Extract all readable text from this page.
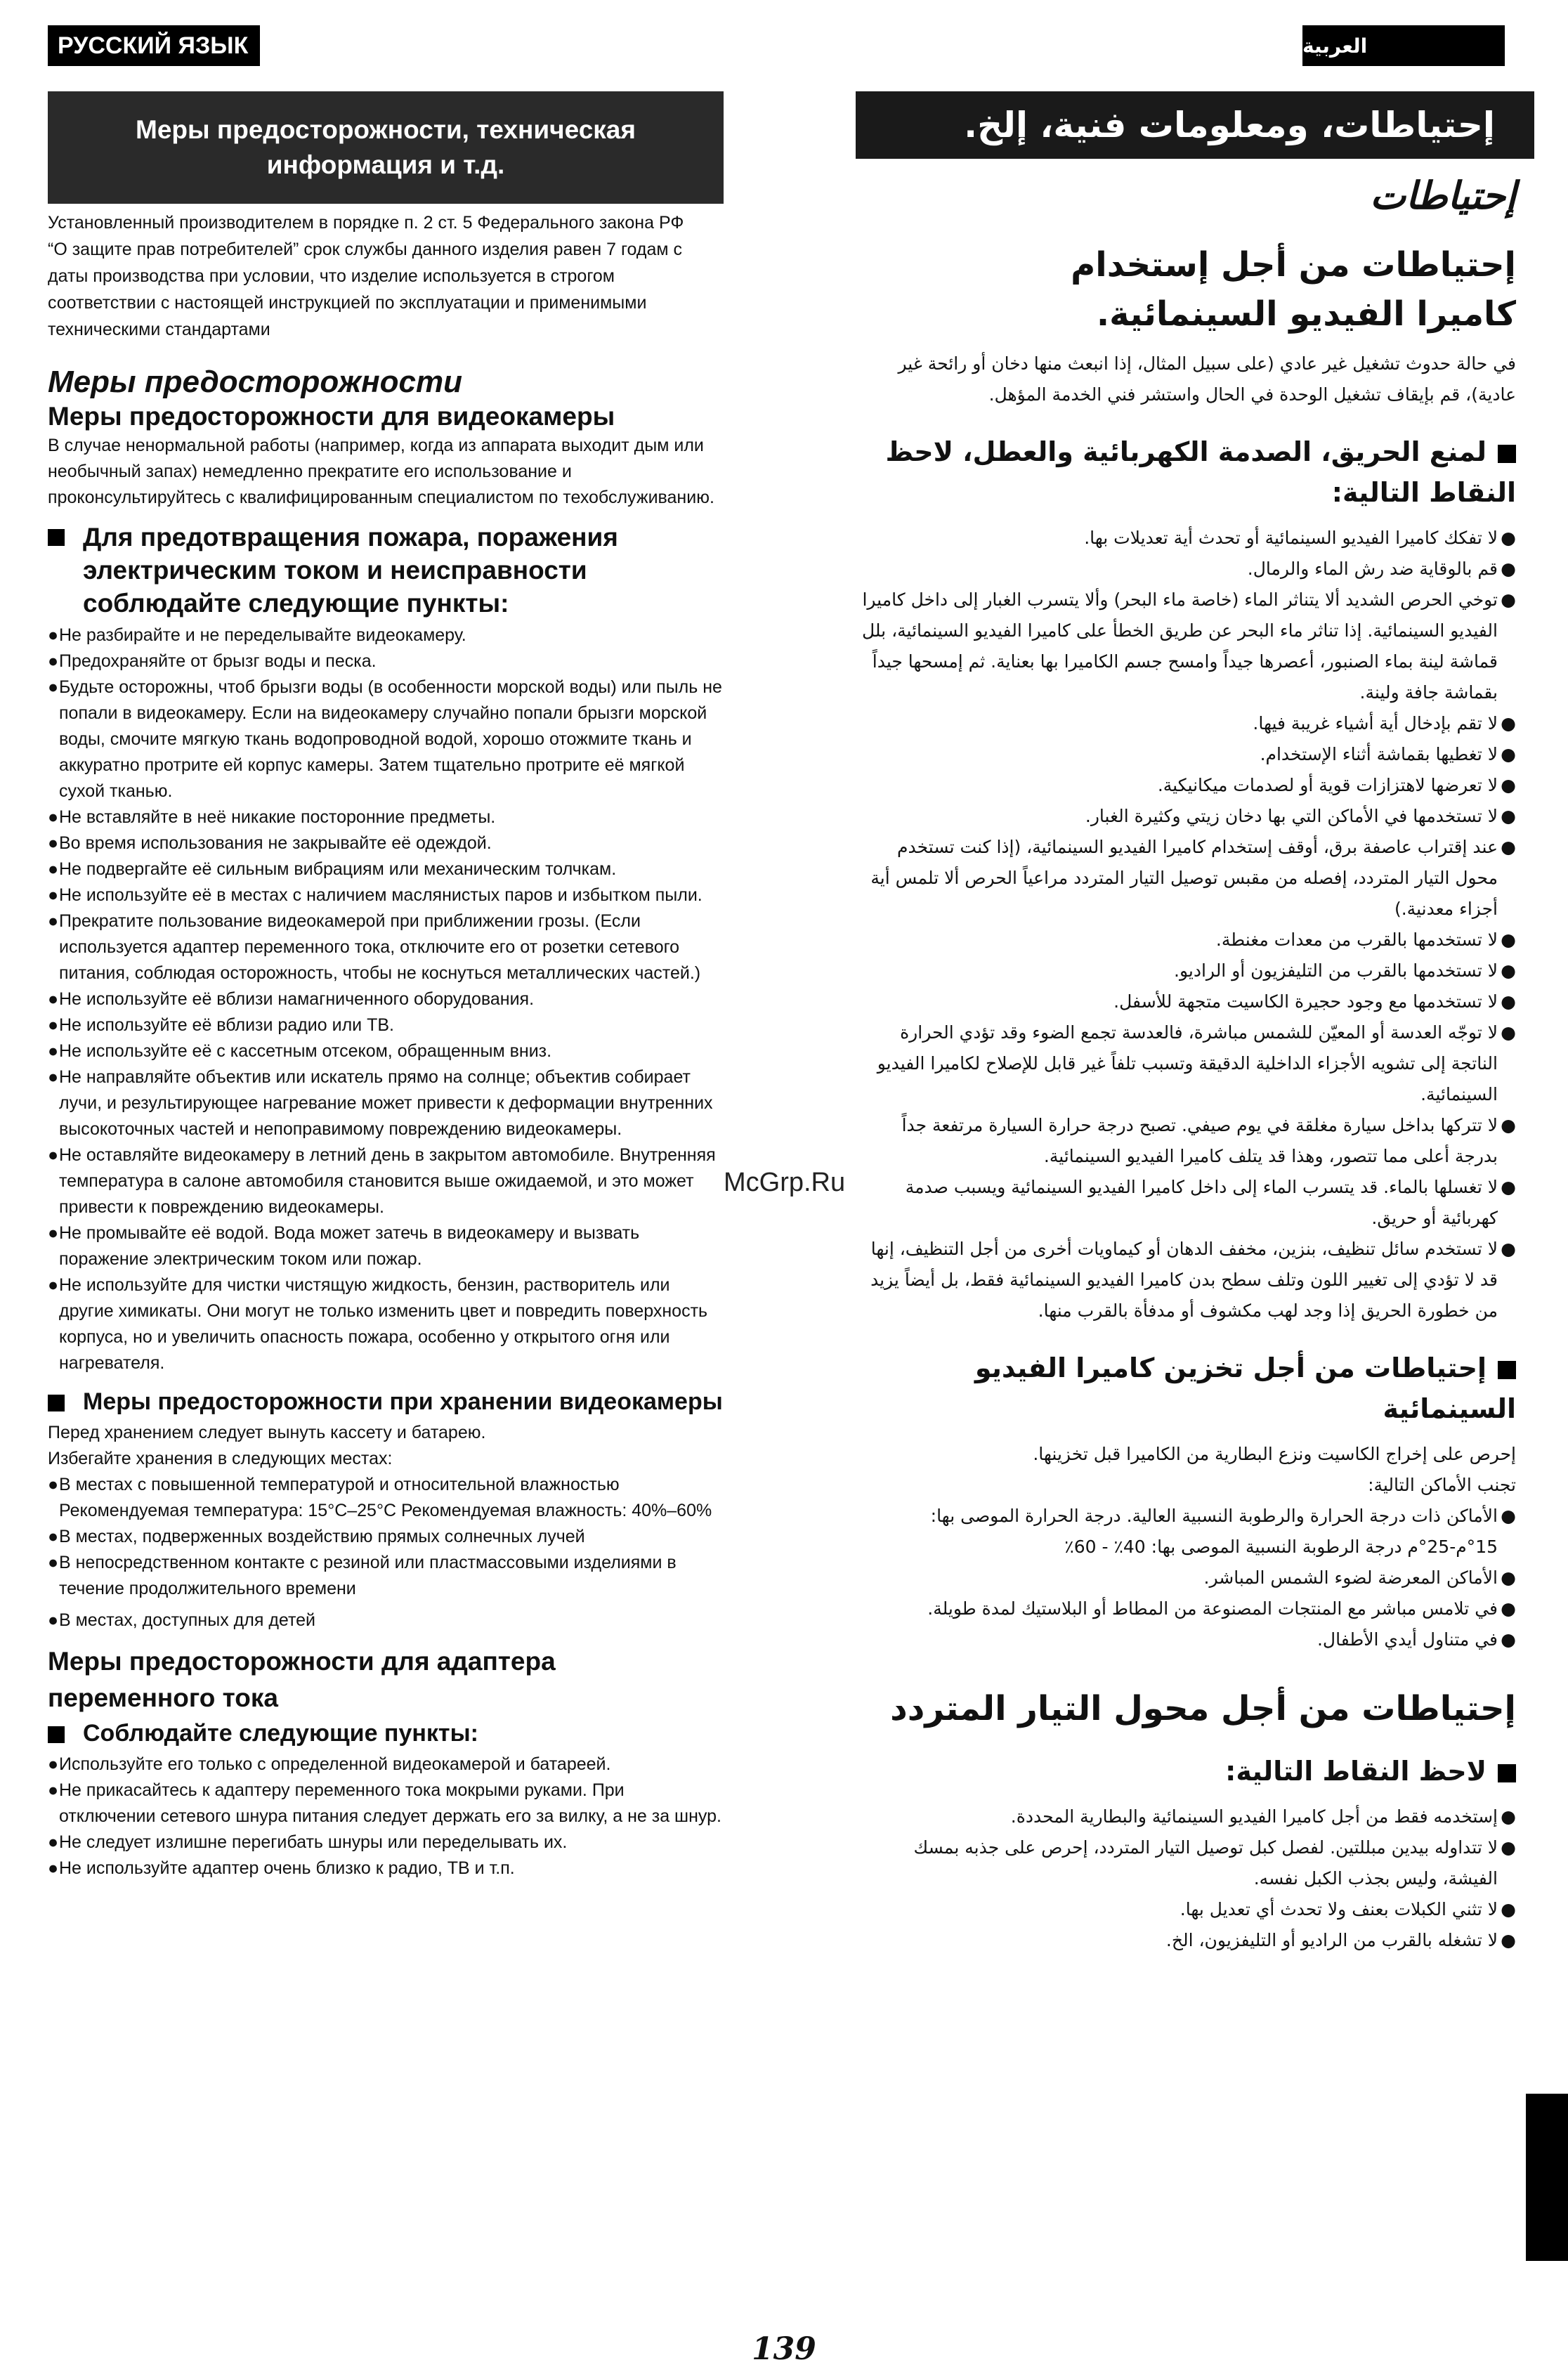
РУССКИЙ ЯЗЫК	العربية
Меры предосторожности, техническая информация и т.д.
إحتياطات، ومعلومات فنية، إلخ.

Установленный производителем в порядке п. 2 ст. 5 Федерального закона РФ “О защите прав потребителей” срок службы данного изделия равен 7 годам с даты производства при условии, что изделие используется в строгом соответствии с настоящей инструкцией по эксплуатации и применимыми техническими стандартами

Меры предосторожности
Меры предосторожности для видеокамеры

В случае ненормальной работы (например, когда из аппарата выходит дым или необычный запах) немедленно прекратите его использование и проконсультируйтесь с квалифицированным специалистом по техобслуживанию.

Для предотвращения пожара, поражения электрическим током и неисправности соблюдайте следующие пункты:
● Не разбирайте и не переделывайте видеокамеру.
● Предохраняйте от брызг воды и песка.
● Будьте осторожны, чтоб брызги воды (в особенности морской воды) или пыль не попали в видеокамеру. Если на видеокамеру случайно попали брызги морской воды, смочите мягкую ткань водопроводной водой, хорошо отожмите ткань и аккуратно протрите ей корпус камеры. Затем тщательно протрите её мягкой сухой тканью.
● Не вставляйте в неё никакие посторонние предметы.
● Во время использования не закрывайте её одеждой.
● Не подвергайте её сильным вибрациям или механическим толчкам.
● Не используйте её в местах с наличием маслянистых паров и избытком пыли.
● Прекратите пользование видеокамерой при приближении грозы. (Если используется адаптер переменного тока, отключите его от розетки сетевого питания, соблюдая осторожность, чтобы не коснуться металлических частей.)
● Не используйте её вблизи намагниченного оборудования.
● Не используйте её вблизи радио или ТВ.
● Не используйте её с кассетным отсеком, обращенным вниз.
● Не направляйте объектив или искатель прямо на солнце; объектив собирает лучи, и результирующее нагревание может привести к деформации внутренних высокоточных частей и непоправимому повреждению видеокамеры.
● Не оставляйте видеокамеру в летний день в закрытом автомобиле. Внутренняя температура в салоне автомобиля становится выше ожидаемой, и это может привести к повреждению видеокамеры.
● Не промывайте её водой. Вода может затечь в видеокамеру и вызвать поражение электрическим током или пожар.
● Не используйте для чистки чистящую жидкость, бензин, растворитель или другие химикаты. Они могут не только изменить цвет и повредить поверхность корпуса, но и увеличить опасность пожара, особенно у открытого огня или нагревателя.
Меры предосторожности при хранении видеокамеры

Перед хранением следует вынуть кассету и батарею.

Избегайте хранения в следующих местах:

● В местах с повышенной температурой и относительной влажностью Рекомендуемая температура: 15°C–25°C Рекомендуемая влажность: 40%–60%
● В местах, подверженных воздействию прямых солнечных лучей
● В непосредственном контакте с резиной или пластмассовыми изделиями в течение продолжительного времени
● В местах, доступных для детей
Меры предосторожности для адаптера переменного тока
Соблюдайте следующие пункты:
● Используйте его только с определенной видеокамерой и батареей.
● Не прикасайтесь к адаптеру переменного тока мокрыми руками. При отключении сетевого шнура питания следует держать его за вилку, а не за шнур.
● Не следует излишне перегибать шнуры или переделывать их.
● Не используйте адаптер очень близко к радио, ТВ и т.п.
إحتياطات
إحتياطات من أجل إستخدام كاميرا الفيديو السينمائية.

في حالة حدوث تشغيل غير عادي (على سبيل المثال، إذا انبعث منها دخان أو رائحة غير عادية)، قم بإيقاف تشغيل الوحدة في الحال واستشر فني الخدمة المؤهل.

لمنع الحريق، الصدمة الكهربائية والعطل، لاحظ النقاط التالية:
●
لا تفكك كاميرا الفيديو السينمائية أو تحدث أية تعديلات بها.
●
قم بالوقاية ضد رش الماء والرمال.
●
توخي الحرص الشديد ألا يتناثر الماء (خاصة ماء البحر) وألا يتسرب الغبار إلى داخل كاميرا الفيديو السينمائية. إذا تناثر ماء البحر عن طريق الخطأ على كاميرا الفيديو السينمائية، بلل قماشة لينة بماء الصنبور، أعصرها جيداً وامسح جسم الكاميرا بها بعناية. ثم إمسحها جيداً بقماشة جافة ولينة.
●
لا تقم بإدخال أية أشياء غريبة فيها.
●
لا تغطيها بقماشة أثناء الإستخدام.
●
لا تعرضها لاهتزازات قوية أو لصدمات ميكانيكية.
●
لا تستخدمها في الأماكن التي بها دخان زيتي وكثيرة الغبار.
●
عند إقتراب عاصفة برق، أوقف إستخدام كاميرا الفيديو السينمائية، (إذا كنت تستخدم محول التيار المتردد، إفصله من مقبس توصيل التيار المتردد مراعياً الحرص ألا تلمس أية أجزاء معدنية.)
●
لا تستخدمها بالقرب من معدات مغنطة.
●
لا تستخدمها بالقرب من التليفزيون أو الراديو.
●
لا تستخدمها مع وجود حجيرة الكاسيت متجهة للأسفل.
●
لا توجّه العدسة أو المعيّن للشمس مباشرة، فالعدسة تجمع الضوء وقد تؤدي الحرارة الناتجة إلى تشويه الأجزاء الداخلية الدقيقة وتسبب تلفاً غير قابل للإصلاح لكاميرا الفيديو السينمائية.
●
لا تتركها بداخل سيارة مغلقة في يوم صيفي. تصبح درجة حرارة السيارة مرتفعة جداً بدرجة أعلى مما تتصور، وهذا قد يتلف كاميرا الفيديو السينمائية.
●
لا تغسلها بالماء. قد يتسرب الماء إلى داخل كاميرا الفيديو السينمائية ويسبب صدمة كهربائية أو حريق.
●
لا تستخدم سائل تنظيف، بنزين، مخفف الدهان أو كيماويات أخرى من أجل التنظيف، إنها قد لا تؤدي إلى تغيير اللون وتلف سطح بدن كاميرا الفيديو السينمائية فقط، بل أيضاً يزيد من خطورة الحريق إذا وجد لهب مكشوف أو مدفأة بالقرب منها.
إحتياطات من أجل تخزين كاميرا الفيديو السينمائية

إحرص على إخراج الكاسيت ونزع البطارية من الكاميرا قبل تخزينها.

تجنب الأماكن التالية:

●
الأماكن ذات درجة الحرارة والرطوبة النسبية العالية. درجة الحرارة الموصى بها: 15°م-25°م درجة الرطوبة النسبية الموصى بها: 40٪ - 60٪
●
الأماكن المعرضة لضوء الشمس المباشر.
●
في تلامس مباشر مع المنتجات المصنوعة من المطاط أو البلاستيك لمدة طويلة.
●
في متناول أيدي الأطفال.
إحتياطات من أجل محول التيار المتردد
لاحظ النقاط التالية:
●
إستخدمه فقط من أجل كاميرا الفيديو السينمائية والبطارية المحددة.
●
لا تتداوله بيدين مبللتين. لفصل كبل توصيل التيار المتردد، إحرص على جذبه بمسك الفيشة، وليس بجذب الكبل نفسه.
●
لا تثني الكبلات بعنف ولا تحدث أي تعديل بها.
●
لا تشغله بالقرب من الراديو أو التليفزيون، الخ.
McGrp.Ru
139
